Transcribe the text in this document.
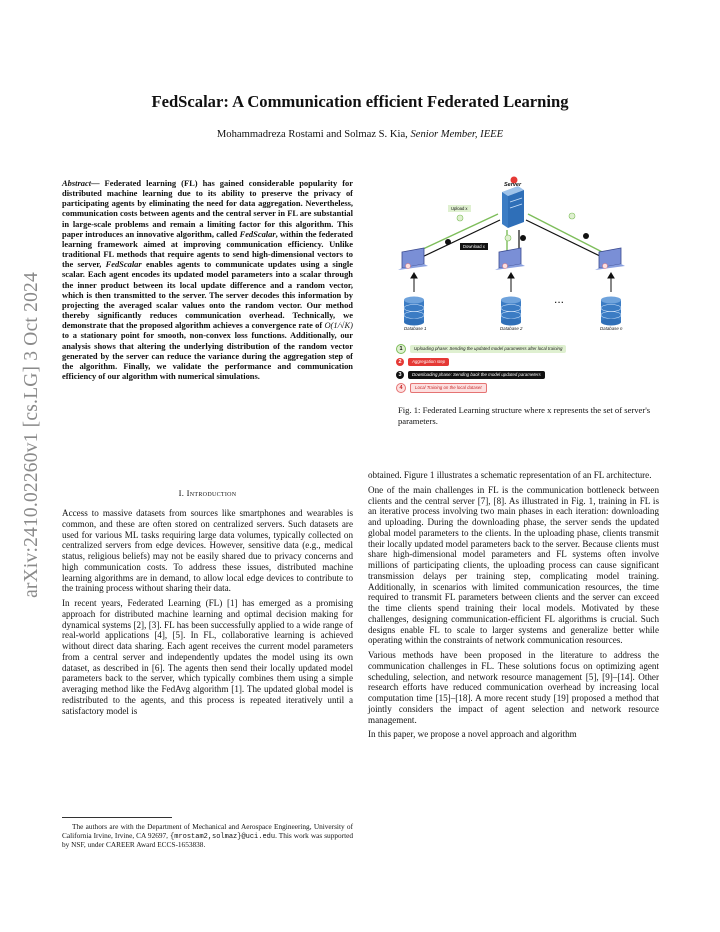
arXiv:2410.02260v1 [cs.LG] 3 Oct 2024
FedScalar: A Communication efficient Federated Learning
Mohammadreza Rostami and Solmaz S. Kia, Senior Member, IEEE
Abstract— Federated learning (FL) has gained considerable popularity for distributed machine learning due to its ability to preserve the privacy of participating agents by eliminating the need for data aggregation. Nevertheless, communication costs between agents and the central server in FL are substantial in large-scale problems and remain a limiting factor for this algorithm. This paper introduces an innovative algorithm, called FedScalar, within the federated learning framework aimed at improving communication efficiency. Unlike traditional FL methods that require agents to send high-dimensional vectors to the server, FedScalar enables agents to communicate updates using a single scalar. Each agent encodes its updated model parameters into a scalar through the inner product between its local update difference and a random vector, which is then transmitted to the server. The server decodes this information by projecting the averaged scalar values onto the random vector. Our method thereby significantly reduces communication overhead. Technically, we demonstrate that the proposed algorithm achieves a convergence rate of O(1/√K) to a stationary point for smooth, non-convex loss functions. Additionally, our analysis shows that altering the underlying distribution of the random vector generated by the server can reduce the variance during the aggregation step of the algorithm. Finally, we validate the performance and communication efficiency of our algorithm with numerical simulations.
I. Introduction

Access to massive datasets from sources like smartphones and wearables is common, and these are often stored on centralized servers. Such datasets are used for various ML tasks requiring large data volumes, typically collected on centralized servers from edge devices. However, sensitive data (e.g., medical status, religious beliefs) may not be easily shared due to privacy concerns and high communication costs. To address these issues, distributed machine learning algorithms are in demand, to allow local edge devices to contribute to the training process without sharing their data.

In recent years, Federated Learning (FL) [1] has emerged as a promising approach for distributed machine learning and optimal decision making for dynamical systems [2], [3]. FL has been successfully applied to a wide range of real-world applications [4], [5]. In FL, collaborative learning is achieved without direct data sharing. Each agent receives the current model parameters from a central server and independently updates the model using its own dataset, as described in [6]. The agents then send their locally updated model parameters back to the server, which typically combines them using a simple averaging method like the FedAvg algorithm [1]. The updated global model is redistributed to the agents, and this process is repeated iteratively until a satisfactory model is

The authors are with the Department of Mechanical and Aerospace Engineering, University of California Irvine, Irvine, CA 92697, {mrostam2,solmaz}@uci.edu. This work was supported by NSF, under CAREER Award ECCS-1653838.

Server
Upload x
Download x
Database 1	Database 2	Database n
...
1	Uploading phase: Sending the updated model parameters after local training
2	Aggregation step
3	Downloading phase: Sending back the model updated parameters
4	Local Training on the local dataset
Fig. 1: Federated Learning structure where x represents the set of server's parameters.

obtained. Figure 1 illustrates a schematic representation of an FL architecture.

One of the main challenges in FL is the communication bottleneck between clients and the central server [7], [8]. As illustrated in Fig. 1, training in FL is an iterative process involving two main phases in each iteration: downloading and uploading. During the downloading phase, the server sends the updated global model parameters to the clients. In the uploading phase, clients transmit their locally updated model parameters back to the server. Because clients must share high-dimensional model parameters and FL systems often involve millions of participating clients, the uploading process can cause significant transmission delays per training step, complicating model training. Additionally, in scenarios with limited communication resources, the time required to transmit FL parameters between clients and the server can exceed the time clients spend training their local models. Motivated by these challenges, designing communication-efficient FL algorithms is crucial. Such designs enable FL to scale to larger systems and generalize better while operating within the constraints of network communication resources.

Various methods have been proposed in the literature to address the communication challenges in FL. These solutions focus on optimizing agent scheduling, selection, and network resource management [5], [9]–[14]. Other research efforts have reduced communication overhead by increasing local computation time [15]–[18]. A more recent study [19] proposed a method that jointly considers the impact of agent selection and network resource management.

In this paper, we propose a novel approach and algorithm
